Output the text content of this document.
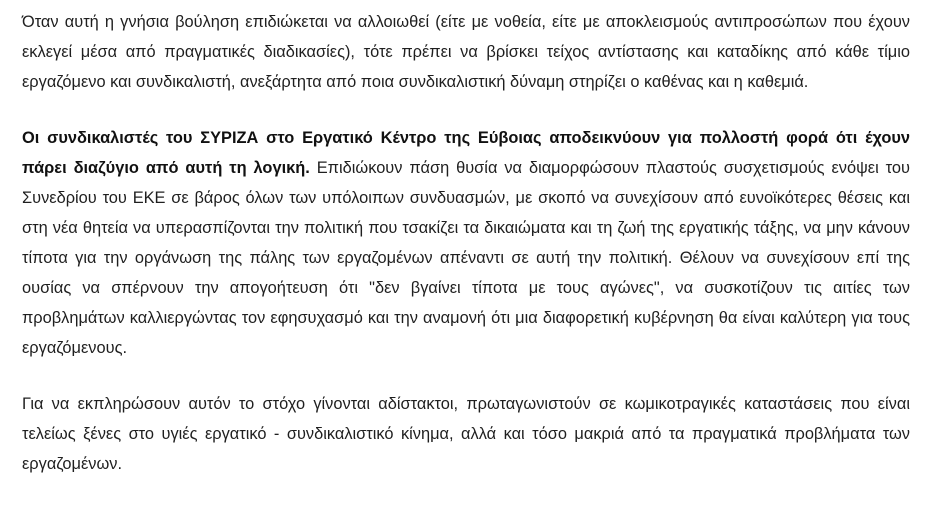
Όταν αυτή η γνήσια βούληση επιδιώκεται να αλλοιωθεί (είτε με νοθεία, είτε με αποκλεισμούς αντιπροσώπων που έχουν εκλεγεί μέσα από πραγματικές διαδικασίες), τότε πρέπει να βρίσκει τείχος αντίστασης και καταδίκης από κάθε τίμιο εργαζόμενο και συνδικαλιστή, ανεξάρτητα από ποια συνδικαλιστική δύναμη στηρίζει ο καθένας και η καθεμιά.

Οι συνδικαλιστές του ΣΥΡΙΖΑ στο Εργατικό Κέντρο της Εύβοιας αποδεικνύουν για πολλοστή φορά ότι έχουν πάρει διαζύγιο από αυτή τη λογική. Επιδιώκουν πάση θυσία να διαμορφώσουν πλαστούς συσχετισμούς ενόψει του Συνεδρίου του ΕΚΕ σε βάρος όλων των υπόλοιπων συνδυασμών, με σκοπό να συνεχίσουν από ευνοϊκότερες θέσεις και στη νέα θητεία να υπερασπίζονται την πολιτική που τσακίζει τα δικαιώματα και τη ζωή της εργατικής τάξης, να μην κάνουν τίποτα για την οργάνωση της πάλης των εργαζομένων απέναντι σε αυτή την πολιτική. Θέλουν να συνεχίσουν επί της ουσίας να σπέρνουν την απογοήτευση ότι "δεν βγαίνει τίποτα με τους αγώνες", να συσκοτίζουν τις αιτίες των προβλημάτων καλλιεργώντας τον εφησυχασμό και την αναμονή ότι μια διαφορετική κυβέρνηση θα είναι καλύτερη για τους εργαζόμενους.

Για να εκπληρώσουν αυτόν το στόχο γίνονται αδίστακτοι, πρωταγωνιστούν σε κωμικοτραγικές καταστάσεις που είναι τελείως ξένες στο υγιές εργατικό - συνδικαλιστικό κίνημα, αλλά και τόσο μακριά από τα πραγματικά προβλήματα των εργαζομένων.
